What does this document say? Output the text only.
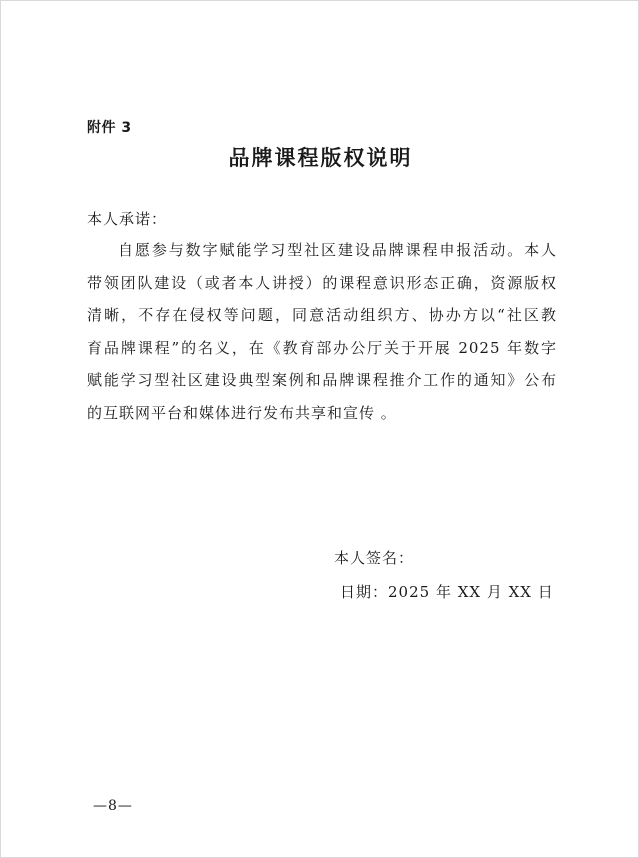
附件 3
品牌课程版权说明
本人承诺：
自愿参与数字赋能学习型社区建设品牌课程申报活动。本人
带领团队建设（或者本人讲授）的课程意识形态正确，资源版权
清晰，不存在侵权等问题，同意活动组织方、协办方以“社区教
育品牌课程”的名义，在《教育部办公厅关于开展 2025 年数字
赋能学习型社区建设典型案例和品牌课程推介工作的通知》公布
的互联网平台和媒体进行发布共享和宣传 。
本人签名：
日期：2025 年 XX 月 XX 日
—8—
